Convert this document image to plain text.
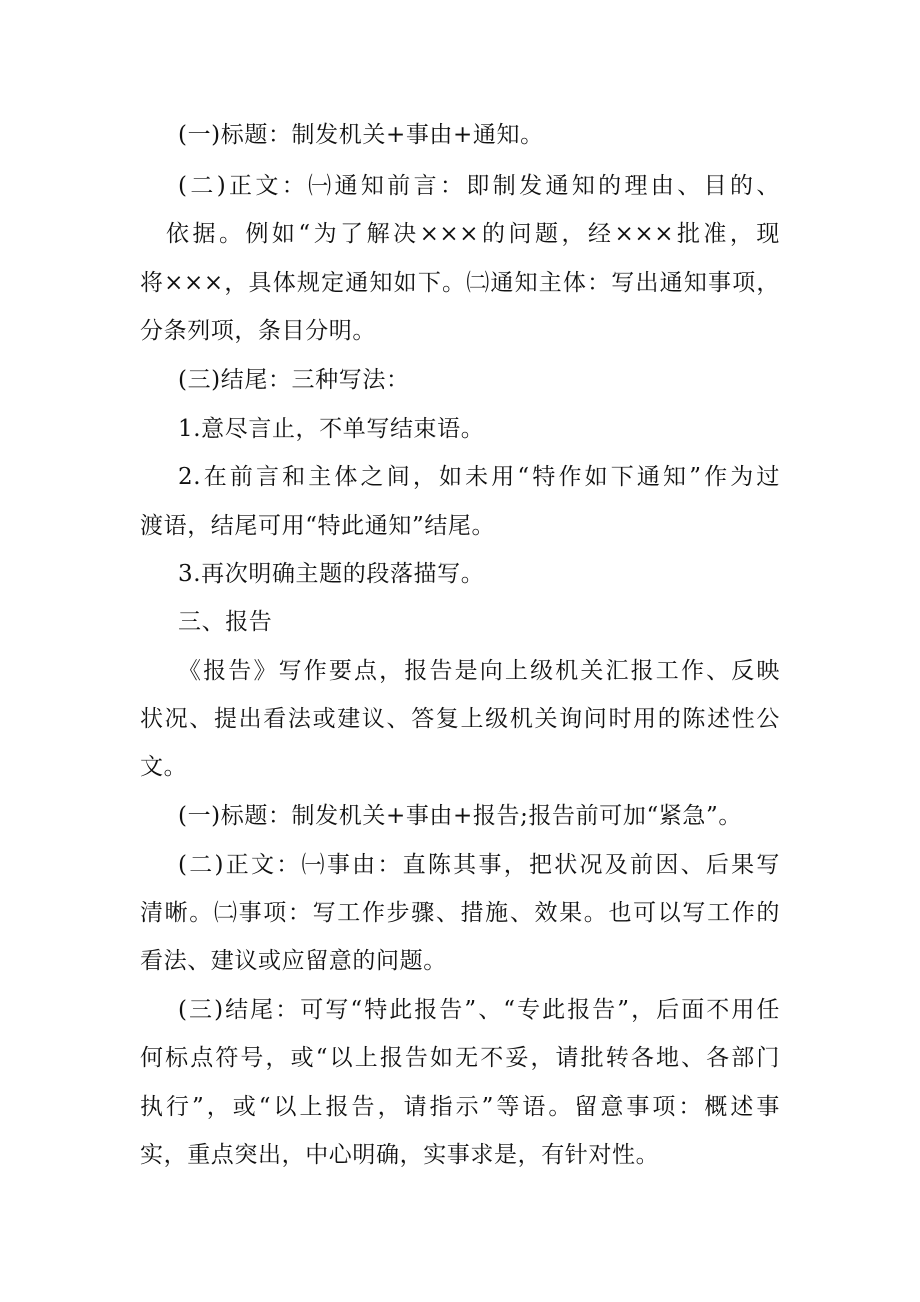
(一)标题：制发机关+事由+通知。
(二)正文：㈠通知前言：即制发通知的理由、目的、
依据。例如“为了解决×××的问题，经×××批准，现
将×××，具体规定通知如下。㈡通知主体：写出通知事项，
分条列项，条目分明。
(三)结尾：三种写法：
1.意尽言止，不单写结束语。
2.在前言和主体之间，如未用“特作如下通知”作为过
渡语，结尾可用“特此通知”结尾。
3.再次明确主题的段落描写。
三、报告
《报告》写作要点，报告是向上级机关汇报工作、反映
状况、提出看法或建议、答复上级机关询问时用的陈述性公
文。
(一)标题：制发机关+事由+报告;报告前可加“紧急”。
(二)正文：㈠事由：直陈其事，把状况及前因、后果写
清晰。㈡事项：写工作步骤、措施、效果。也可以写工作的
看法、建议或应留意的问题。
(三)结尾：可写“特此报告”、“专此报告”，后面不用任
何标点符号，或“以上报告如无不妥，请批转各地、各部门
执行”，或“以上报告，请指示”等语。留意事项：概述事
实，重点突出，中心明确，实事求是，有针对性。
